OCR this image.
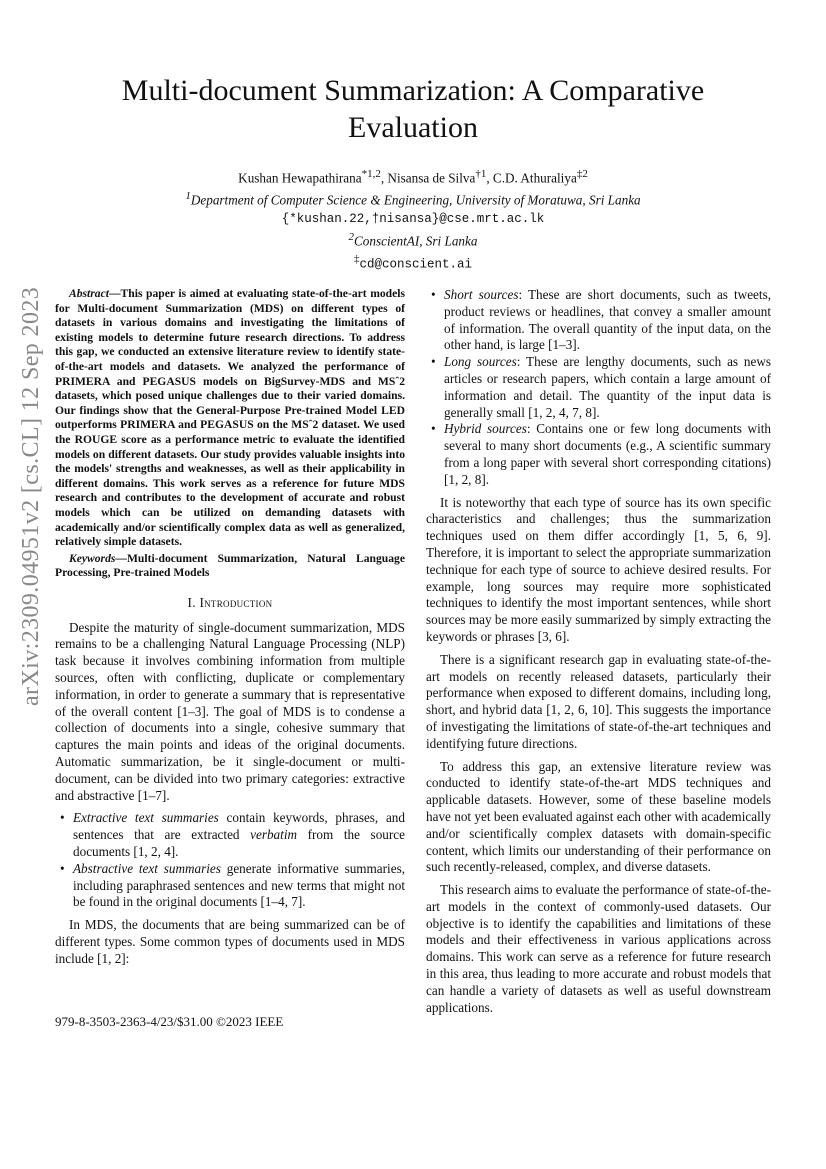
arXiv:2309.04951v2 [cs.CL] 12 Sep 2023
Multi-document Summarization: A Comparative
Evaluation
Kushan Hewapathirana$^{*1,2}$, Nisansa de Silva$^{\dagger 1}$, C.D. Athuraliya$^{\ddagger 2}$
$^1$Department of Computer Science & Engineering, University of Moratuwa, Sri Lanka
{*kushan.22,†nisansa}@cse.mrt.ac.lk
$^2$ConscientAI, Sri Lanka
‡cd@conscient.ai

Abstract—This paper is aimed at evaluating state-of-the-art models for Multi-document Summarization (MDS) on different types of datasets in various domains and investigating the limitations of existing models to determine future research directions. To address this gap, we conducted an extensive literature review to identify state-of-the-art models and datasets. We analyzed the performance of PRIMERA and PEGASUS models on BigSurvey-MDS and MSˆ2 datasets, which posed unique challenges due to their varied domains. Our findings show that the General-Purpose Pre-trained Model LED outperforms PRIMERA and PEGASUS on the MSˆ2 dataset. We used the ROUGE score as a performance metric to evaluate the identified models on different datasets. Our study provides valuable insights into the models' strengths and weaknesses, as well as their applicability in different domains. This work serves as a reference for future MDS research and contributes to the development of accurate and robust models which can be utilized on demanding datasets with academically and/or scientifically complex data as well as generalized, relatively simple datasets.

Keywords—Multi-document Summarization, Natural Language Processing, Pre-trained Models

I. Introduction

Despite the maturity of single-document summarization, MDS remains to be a challenging Natural Language Processing (NLP) task because it involves combining information from multiple sources, often with conflicting, duplicate or complementary information, in order to generate a summary that is representative of the overall content [1–3]. The goal of MDS is to condense a collection of documents into a single, cohesive summary that captures the main points and ideas of the original documents. Automatic summarization, be it single-document or multi-document, can be divided into two primary categories: extractive and abstractive [1–7].

• Extractive text summaries contain keywords, phrases, and sentences that are extracted verbatim from the source documents [1, 2, 4].
• Abstractive text summaries generate informative summaries, including paraphrased sentences and new terms that might not be found in the original documents [1–4, 7].

In MDS, the documents that are being summarized can be of different types. Some common types of documents used in MDS include [1, 2]:

• Short sources: These are short documents, such as tweets, product reviews or headlines, that convey a smaller amount of information. The overall quantity of the input data, on the other hand, is large [1–3].
• Long sources: These are lengthy documents, such as news articles or research papers, which contain a large amount of information and detail. The quantity of the input data is generally small [1, 2, 4, 7, 8].
• Hybrid sources: Contains one or few long documents with several to many short documents (e.g., A scientific summary from a long paper with several short corresponding citations) [1, 2, 8].

It is noteworthy that each type of source has its own specific characteristics and challenges; thus the summarization techniques used on them differ accordingly [1, 5, 6, 9]. Therefore, it is important to select the appropriate summarization technique for each type of source to achieve desired results. For example, long sources may require more sophisticated techniques to identify the most important sentences, while short sources may be more easily summarized by simply extracting the keywords or phrases [3, 6].

There is a significant research gap in evaluating state-of-the-art models on recently released datasets, particularly their performance when exposed to different domains, including long, short, and hybrid data [1, 2, 6, 10]. This suggests the importance of investigating the limitations of state-of-the-art techniques and identifying future directions.

To address this gap, an extensive literature review was conducted to identify state-of-the-art MDS techniques and applicable datasets. However, some of these baseline models have not yet been evaluated against each other with academically and/or scientifically complex datasets with domain-specific content, which limits our understanding of their performance on such recently-released, complex, and diverse datasets.

This research aims to evaluate the performance of state-of-the-art models in the context of commonly-used datasets. Our objective is to identify the capabilities and limitations of these models and their effectiveness in various applications across domains. This work can serve as a reference for future research in this area, thus leading to more accurate and robust models that can handle a variety of datasets as well as useful downstream applications.

979-8-3503-2363-4/23/$31.00 ©2023 IEEE
